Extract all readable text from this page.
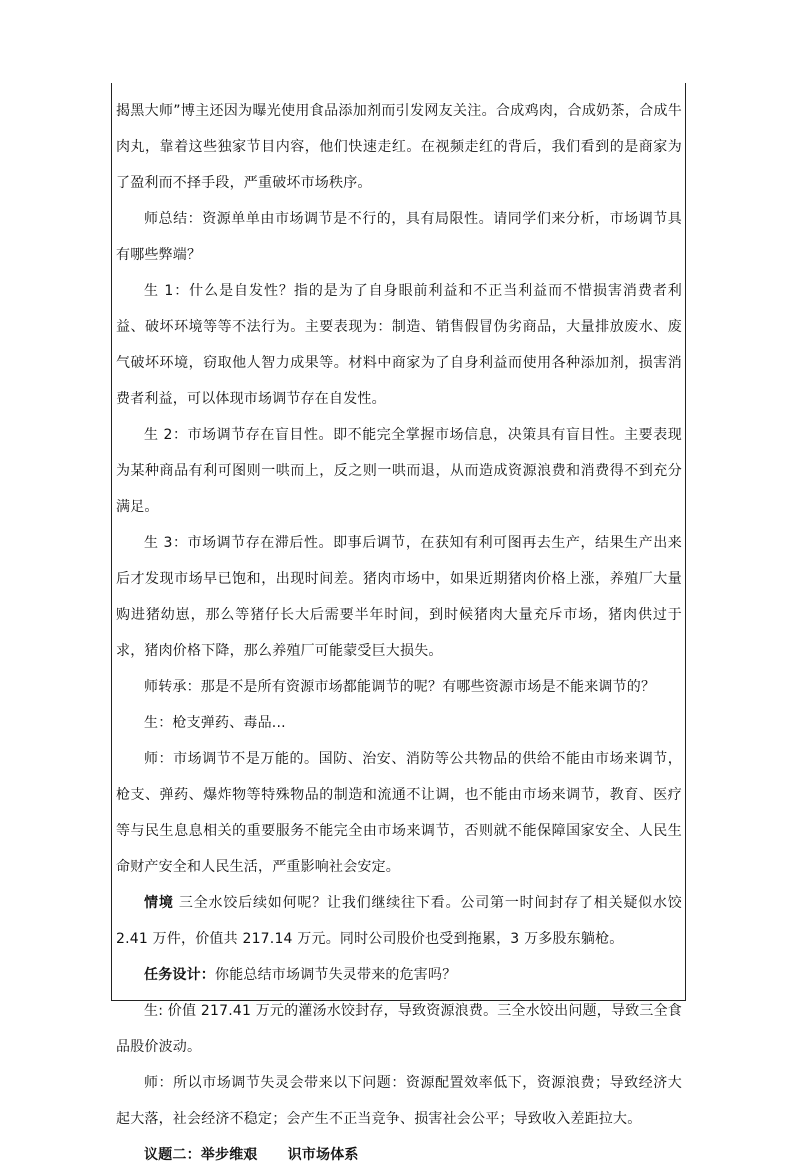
揭黑大师”博主还因为曝光使用食品添加剂而引发网友关注。合成鸡肉，合成奶茶，合成牛肉丸，靠着这些独家节目内容，他们快速走红。在视频走红的背后，我们看到的是商家为了盈利而不择手段，严重破坏市场秩序。

师总结：资源单单由市场调节是不行的，具有局限性。请同学们来分析，市场调节具有哪些弊端？

生 1：什么是自发性？指的是为了自身眼前利益和不正当利益而不惜损害消费者利益、破坏环境等等不法行为。主要表现为：制造、销售假冒伪劣商品，大量排放废水、废气破坏环境，窃取他人智力成果等。材料中商家为了自身利益而使用各种添加剂，损害消费者利益，可以体现市场调节存在自发性。

生 2：市场调节存在盲目性。即不能完全掌握市场信息，决策具有盲目性。主要表现为某种商品有利可图则一哄而上，反之则一哄而退，从而造成资源浪费和消费得不到充分满足。

生 3：市场调节存在滞后性。即事后调节，在获知有利可图再去生产，结果生产出来后才发现市场早已饱和，出现时间差。猪肉市场中，如果近期猪肉价格上涨，养殖厂大量购进猪幼崽，那么等猪仔长大后需要半年时间，到时候猪肉大量充斥市场，猪肉供过于求，猪肉价格下降，那么养殖厂可能蒙受巨大损失。

师转承：那是不是所有资源市场都能调节的呢？有哪些资源市场是不能来调节的？

生：枪支弹药、毒品...

师：市场调节不是万能的。国防、治安、消防等公共物品的供给不能由市场来调节，枪支、弹药、爆炸物等特殊物品的制造和流通不让调，也不能由市场来调节，教育、医疗等与民生息息相关的重要服务不能完全由市场来调节，否则就不能保障国家安全、人民生命财产安全和人民生活，严重影响社会安定。

情境 三全水饺后续如何呢？让我们继续往下看。公司第一时间封存了相关疑似水饺 2.41 万件，价值共 217.14 万元。同时公司股价也受到拖累，3 万多股东躺枪。

任务设计：你能总结市场调节失灵带来的危害吗？

生: 价值 217.41 万元的灌汤水饺封存，导致资源浪费。三全水饺出问题，导致三全食品股价波动。

师：所以市场调节失灵会带来以下问题：资源配置效率低下，资源浪费；导致经济大起大落，社会经济不稳定；会产生不正当竞争、损害社会公平；导致收入差距拉大。

议题二：举步维艰 识市场体系
